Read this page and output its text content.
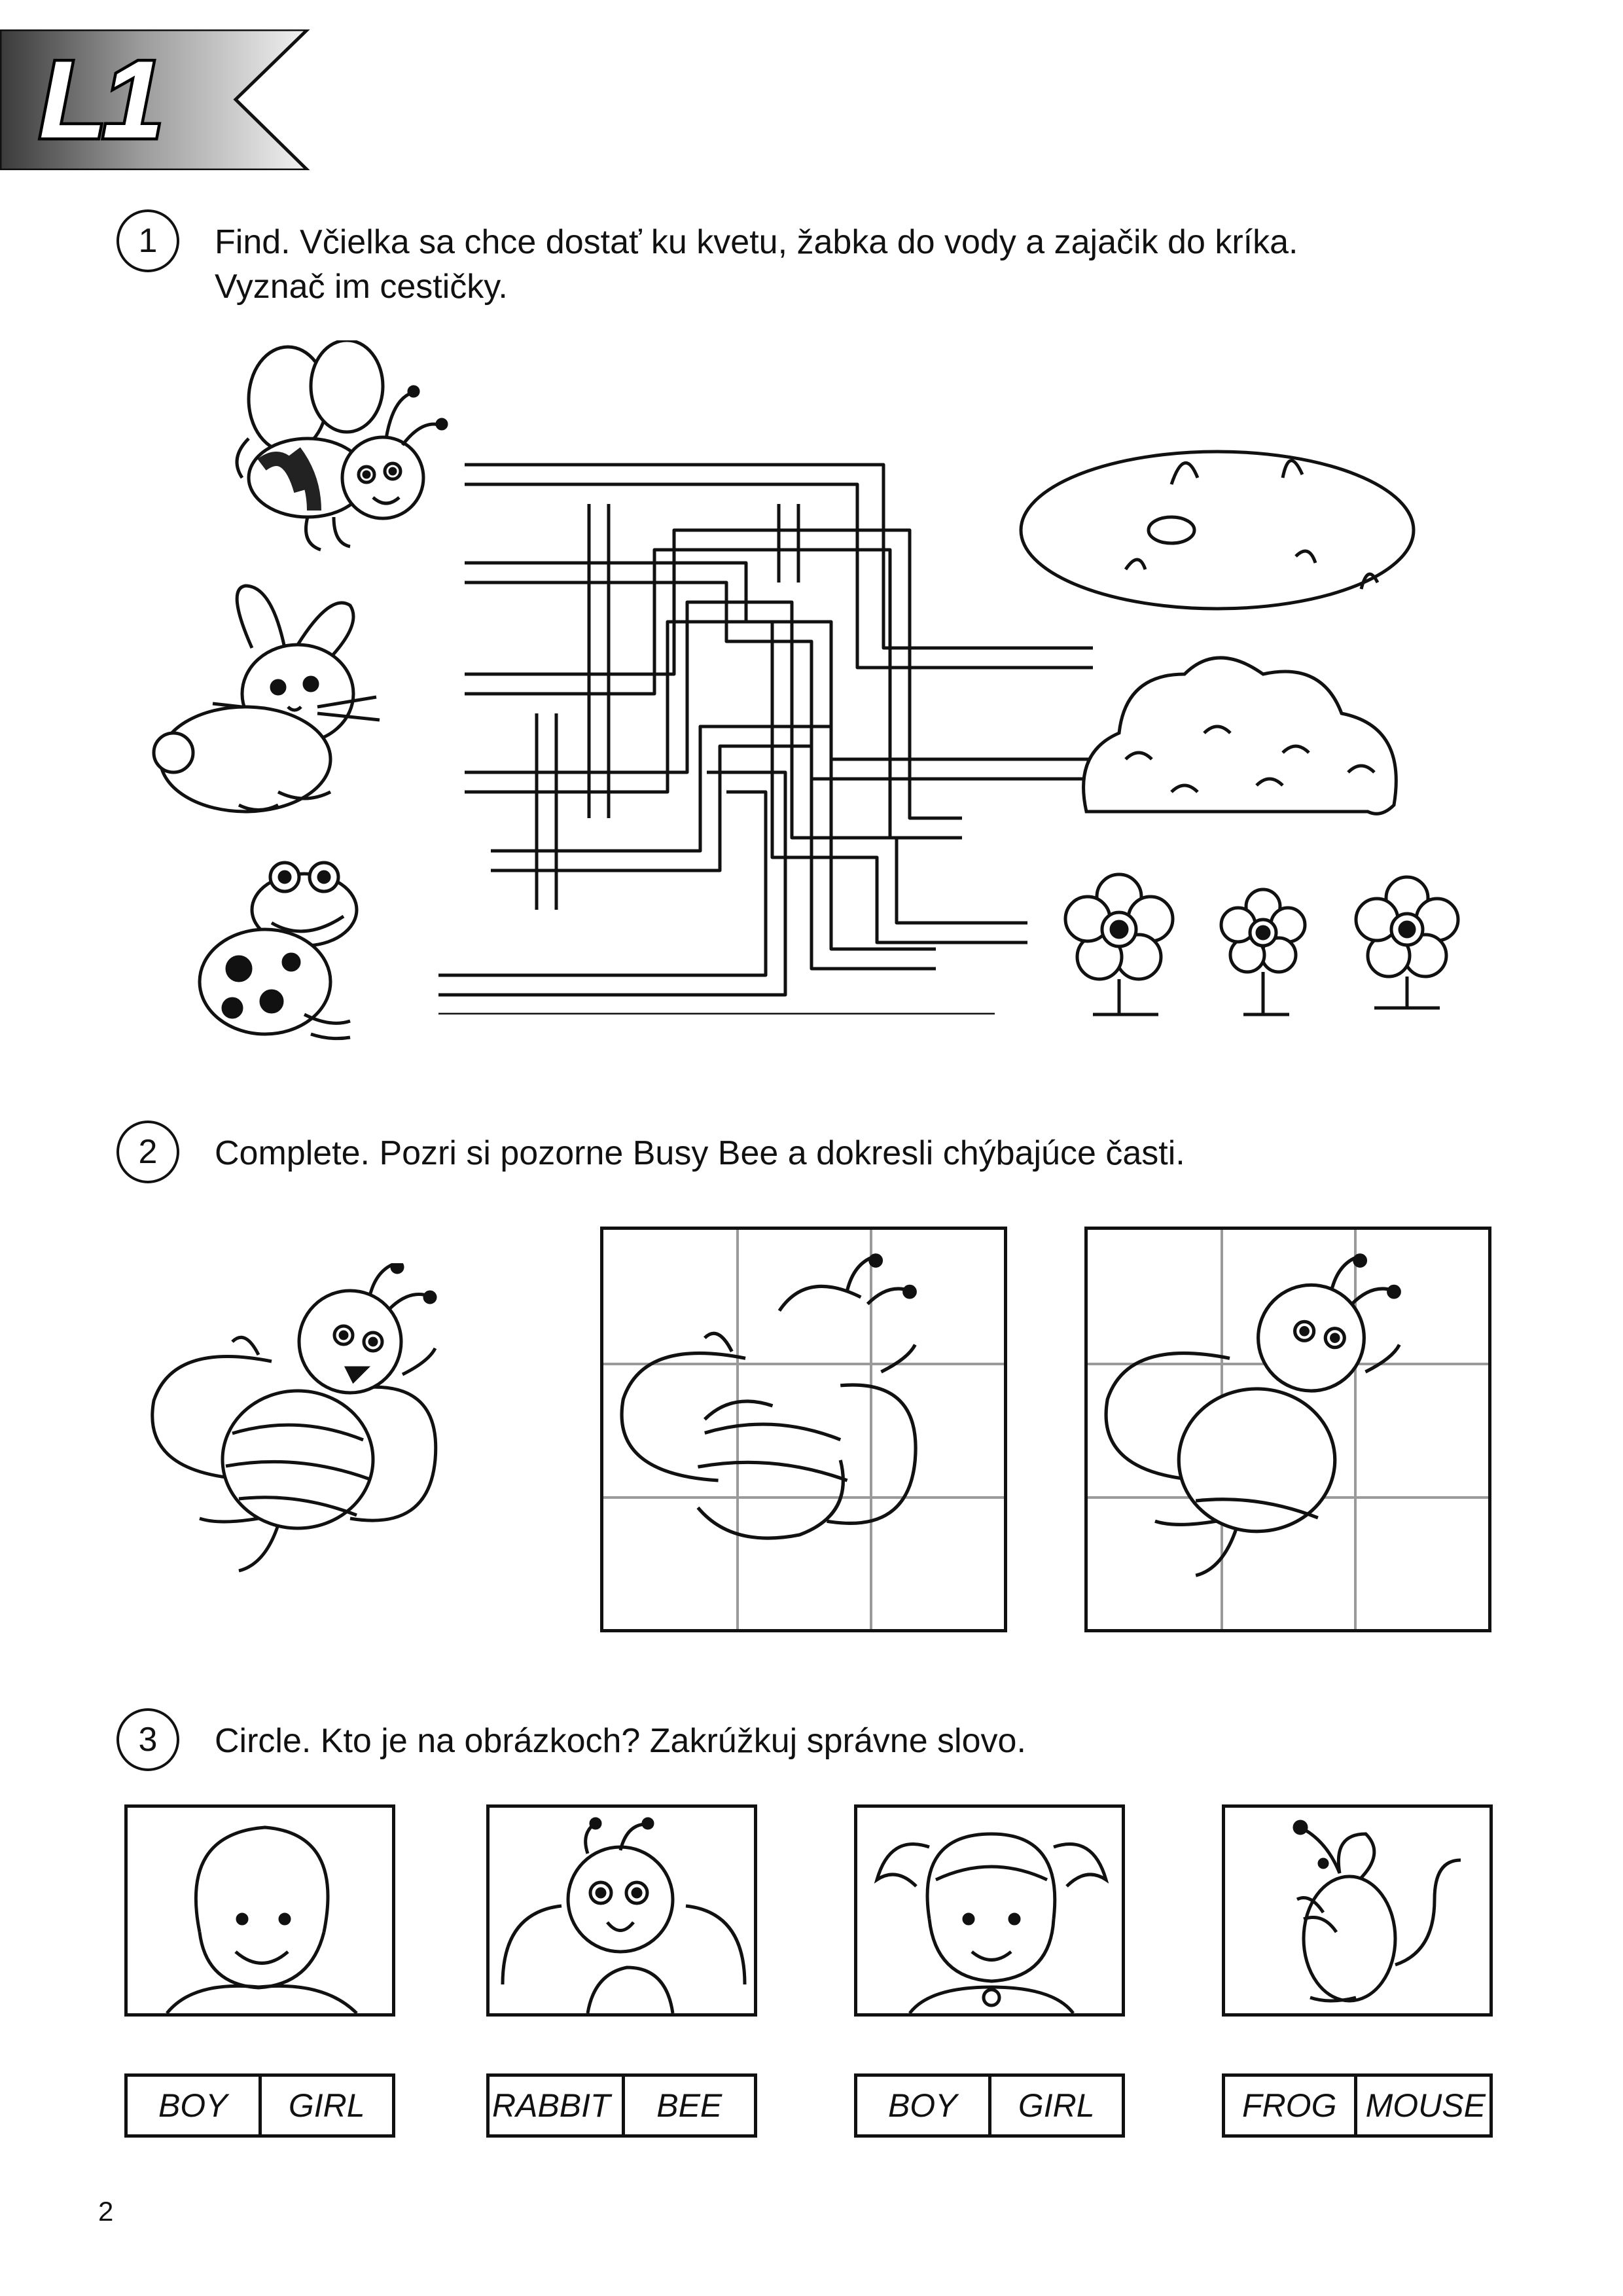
L1
1	Find. Včielka sa chce dostať ku kvetu, žabka do vody a zajačik do kríka.
Vyznač im cestičky.
2	Complete. Pozri si pozorne Busy Bee a dokresli chýbajúce časti.
3	Circle. Kto je na obrázkoch? Zakrúžkuj správne slovo.
BOY	GIRL	RABBIT	BEE	BOY	GIRL	FROG MOUSE
2
